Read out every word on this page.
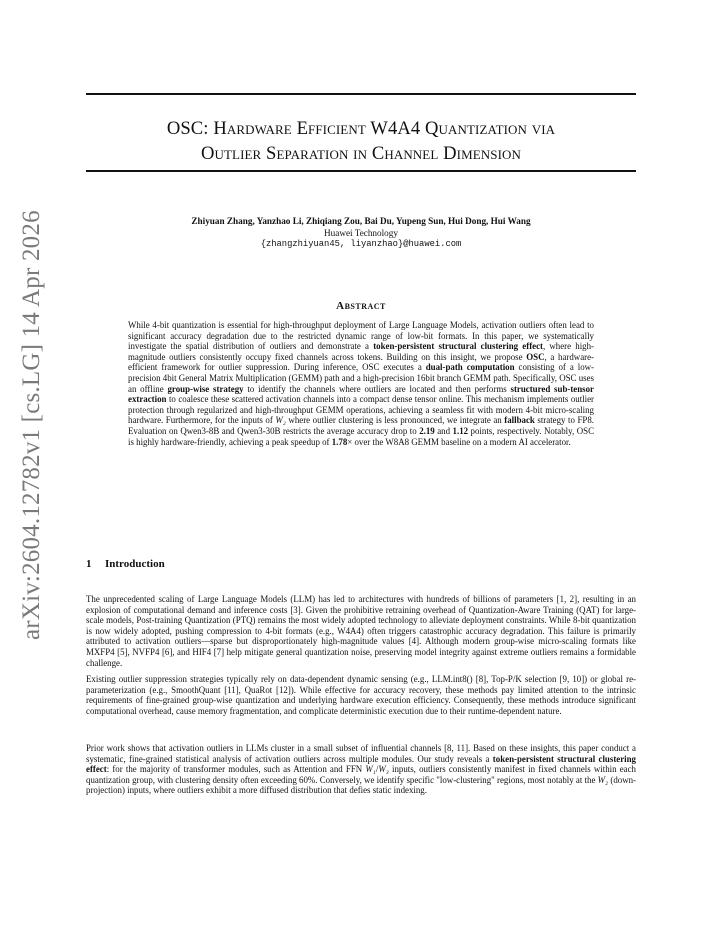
arXiv:2604.12782v1 [cs.LG] 14 Apr 2026
OSC: Hardware Efficient W4A4 Quantization via
Outlier Separation in Channel Dimension
Zhiyuan Zhang, Yanzhao Li, Zhiqiang Zou, Bai Du, Yupeng Sun, Hui Dong, Hui Wang
Huawei Technology
{zhangzhiyuan45, liyanzhao}@huawei.com
Abstract
While 4-bit quantization is essential for high-throughput deployment of Large Language Models, activation outliers often lead to significant accuracy degradation due to the restricted dynamic range of low-bit formats. In this paper, we systematically investigate the spatial distribution of outliers and demonstrate a token-persistent structural clustering effect, where high-magnitude outliers consistently occupy fixed channels across tokens. Building on this insight, we propose OSC, a hardware-efficient framework for outlier suppression. During inference, OSC executes a dual-path computation consisting of a low-precision 4bit General Matrix Multiplication (GEMM) path and a high-precision 16bit branch GEMM path. Specifically, OSC uses an offline group-wise strategy to identify the channels where outliers are located and then performs structured sub-tensor extraction to coalesce these scattered activation channels into a compact dense tensor online. This mechanism implements outlier protection through regularized and high-throughput GEMM operations, achieving a seamless fit with modern 4-bit micro-scaling hardware. Furthermore, for the inputs of W₂ where outlier clustering is less pronounced, we integrate an fallback strategy to FP8. Evaluation on Qwen3-8B and Qwen3-30B restricts the average accuracy drop to 2.19 and 1.12 points, respectively. Notably, OSC is highly hardware-friendly, achieving a peak speedup of 1.78× over the W8A8 GEMM baseline on a modern AI accelerator.
1 Introduction

The unprecedented scaling of Large Language Models (LLM) has led to architectures with hundreds of billions of parameters [1, 2], resulting in an explosion of computational demand and inference costs [3]. Given the prohibitive retraining overhead of Quantization-Aware Training (QAT) for large-scale models, Post-training Quantization (PTQ) remains the most widely adopted technology to alleviate deployment constraints. While 8-bit quantization is now widely adopted, pushing compression to 4-bit formats (e.g., W4A4) often triggers catastrophic accuracy degradation. This failure is primarily attributed to activation outliers—sparse but disproportionately high-magnitude values [4]. Although modern group-wise micro-scaling formats like MXFP4 [5], NVFP4 [6], and HIF4 [7] help mitigate general quantization noise, preserving model integrity against extreme outliers remains a formidable challenge.

Existing outlier suppression strategies typically rely on data-dependent dynamic sensing (e.g., LLM.int8() [8], Top-P/K selection [9, 10]) or global re-parameterization (e.g., SmoothQuant [11], QuaRot [12]). While effective for accuracy recovery, these methods pay limited attention to the intrinsic requirements of fine-grained group-wise quantization and underlying hardware execution efficiency. Consequently, these methods introduce significant computational overhead, cause memory fragmentation, and complicate deterministic execution due to their runtime-dependent nature.

Prior work shows that activation outliers in LLMs cluster in a small subset of influential channels [8, 11]. Based on these insights, this paper conduct a systematic, fine-grained statistical analysis of activation outliers across multiple modules. Our study reveals a token-persistent structural clustering effect: for the majority of transformer modules, such as Attention and FFN W₁/W₃ inputs, outliers consistently manifest in fixed channels within each quantization group, with clustering density often exceeding 60%. Conversely, we identify specific "low-clustering" regions, most notably at the W₂ (down-projection) inputs, where outliers exhibit a more diffused distribution that defies static indexing.
